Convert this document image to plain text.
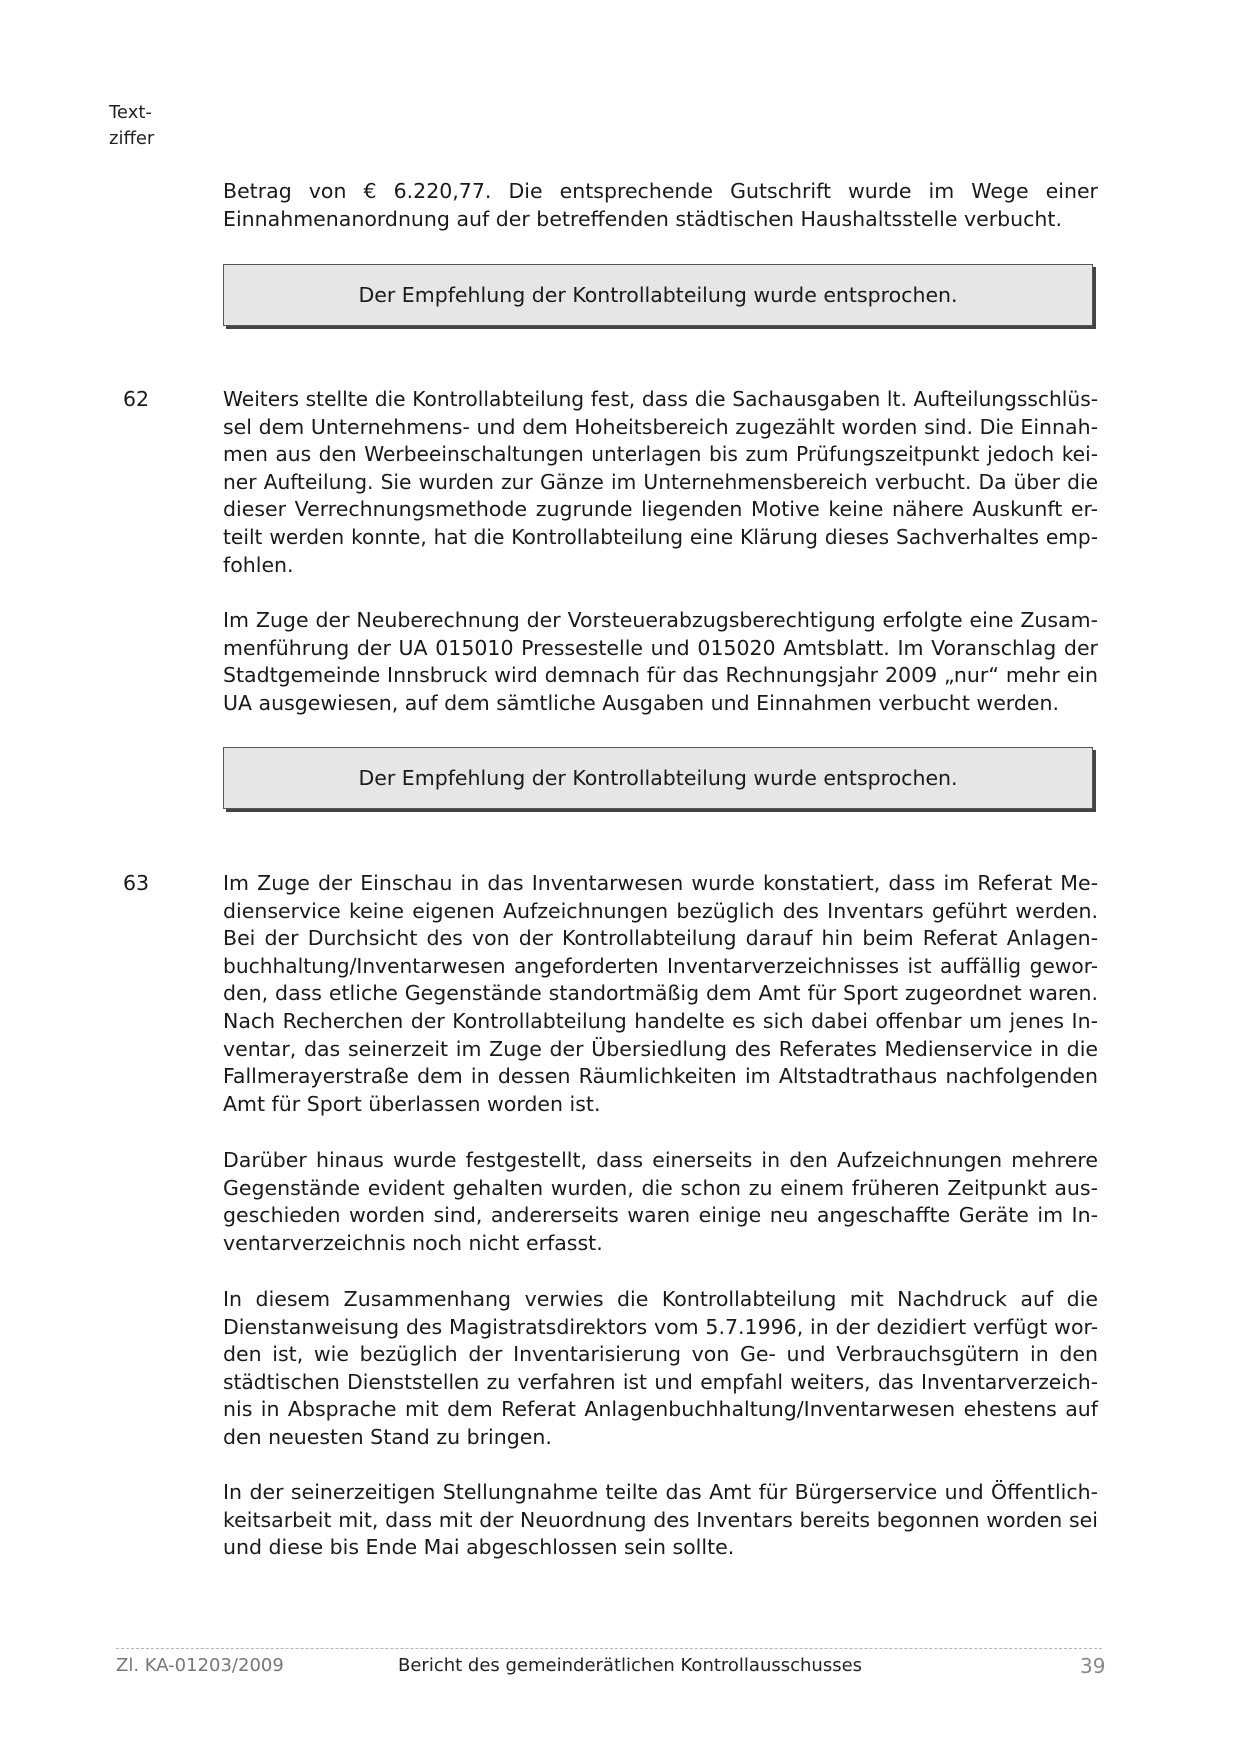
Text-
ziffer
Betrag von € 6.220,77. Die entsprechende Gutschrift wurde im Wege einer
Einnahmenanordnung auf der betreffenden städtischen Haushaltsstelle verbucht.
Der Empfehlung der Kontrollabteilung wurde entsprochen.
62	Weiters stellte die Kontrollabteilung fest, dass die Sachausgaben lt. Aufteilungsschlüs-
sel dem Unternehmens- und dem Hoheitsbereich zugezählt worden sind. Die Einnah-
men aus den Werbeeinschaltungen unterlagen bis zum Prüfungszeitpunkt jedoch kei-
ner Aufteilung. Sie wurden zur Gänze im Unternehmensbereich verbucht. Da über die
dieser Verrechnungsmethode zugrunde liegenden Motive keine nähere Auskunft er-
teilt werden konnte, hat die Kontrollabteilung eine Klärung dieses Sachverhaltes emp-
fohlen.
Im Zuge der Neuberechnung der Vorsteuerabzugsberechtigung erfolgte eine Zusam-
menführung der UA 015010 Pressestelle und 015020 Amtsblatt. Im Voranschlag der
Stadtgemeinde Innsbruck wird demnach für das Rechnungsjahr 2009 „nur“ mehr ein
UA ausgewiesen, auf dem sämtliche Ausgaben und Einnahmen verbucht werden.
Der Empfehlung der Kontrollabteilung wurde entsprochen.
63	Im Zuge der Einschau in das Inventarwesen wurde konstatiert, dass im Referat Me-
dienservice keine eigenen Aufzeichnungen bezüglich des Inventars geführt werden.
Bei der Durchsicht des von der Kontrollabteilung darauf hin beim Referat Anlagen-
buchhaltung/Inventarwesen angeforderten Inventarverzeichnisses ist auffällig gewor-
den, dass etliche Gegenstände standortmäßig dem Amt für Sport zugeordnet waren.
Nach Recherchen der Kontrollabteilung handelte es sich dabei offenbar um jenes In-
ventar, das seinerzeit im Zuge der Übersiedlung des Referates Medienservice in die
Fallmerayerstraße dem in dessen Räumlichkeiten im Altstadtrathaus nachfolgenden
Amt für Sport überlassen worden ist.
Darüber hinaus wurde festgestellt, dass einerseits in den Aufzeichnungen mehrere
Gegenstände evident gehalten wurden, die schon zu einem früheren Zeitpunkt aus-
geschieden worden sind, andererseits waren einige neu angeschaffte Geräte im In-
ventarverzeichnis noch nicht erfasst.
In diesem Zusammenhang verwies die Kontrollabteilung mit Nachdruck auf die
Dienstanweisung des Magistratsdirektors vom 5.7.1996, in der dezidiert verfügt wor-
den ist, wie bezüglich der Inventarisierung von Ge- und Verbrauchsgütern in den
städtischen Dienststellen zu verfahren ist und empfahl weiters, das Inventarverzeich-
nis in Absprache mit dem Referat Anlagenbuchhaltung/Inventarwesen ehestens auf
den neuesten Stand zu bringen.
In der seinerzeitigen Stellungnahme teilte das Amt für Bürgerservice und Öffentlich-
keitsarbeit mit, dass mit der Neuordnung des Inventars bereits begonnen worden sei
und diese bis Ende Mai abgeschlossen sein sollte.
Zl. KA-01203/2009	Bericht des gemeinderätlichen Kontrollausschusses	39
